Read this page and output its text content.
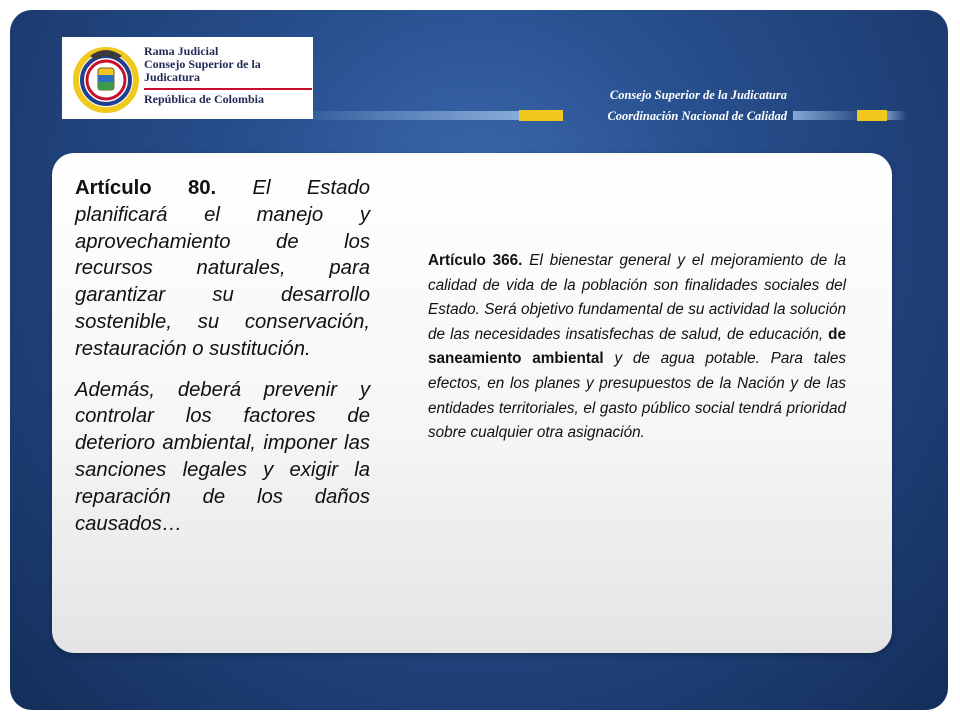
Rama Judicial
Consejo Superior de la Judicatura
República de Colombia	Consejo Superior de la Judicatura
Coordinación Nacional de Calidad

Artículo 80. El Estado planificará el manejo y aprovechamiento de los recursos naturales, para garantizar su desarrollo sostenible, su conservación, restauración o sustitución.

Además, deberá prevenir y controlar los factores de deterioro ambiental, imponer las sanciones legales y exigir la reparación de los daños causados…

Artículo 366. El bienestar general y el mejoramiento de la calidad de vida de la población son finalidades sociales del Estado. Será objetivo fundamental de su actividad la solución de las necesidades insatisfechas de salud, de educación, de saneamiento ambiental y de agua potable. Para tales efectos, en los planes y presupuestos de la Nación y de las entidades territoriales, el gasto público social tendrá prioridad sobre cualquier otra asignación.
